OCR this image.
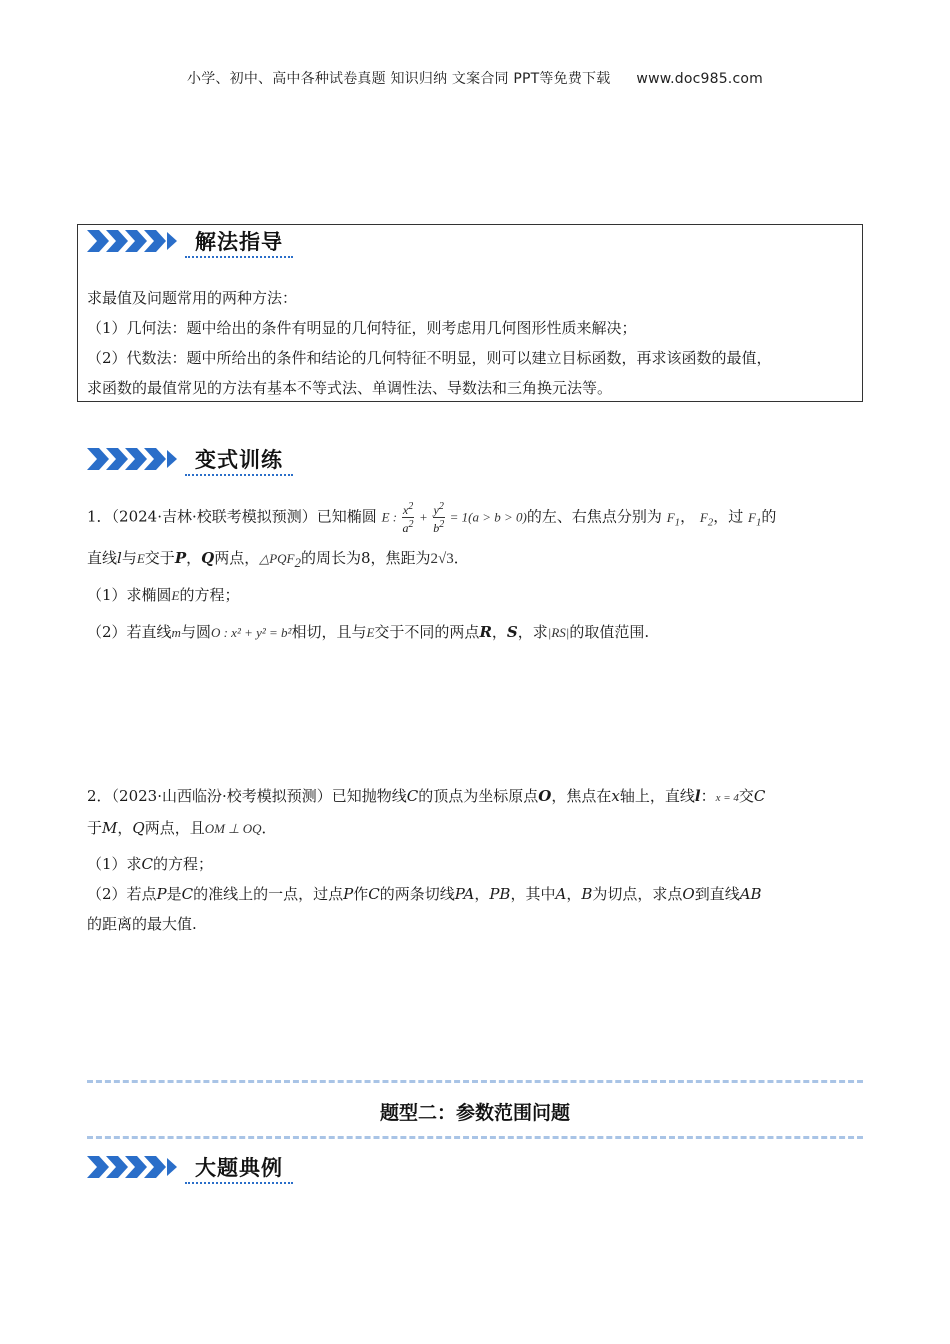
小学、初中、高中各种试卷真题 知识归纳 文案合同 PPT等免费下载 www.doc985.com
解法指导
求最值及问题常用的两种方法：
（1）几何法：题中给出的条件有明显的几何特征，则考虑用几何图形性质来解决；
（2）代数法：题中所给出的条件和结论的几何特征不明显，则可以建立目标函数，再求该函数的最值，
求函数的最值常见的方法有基本不等式法、单调性法、导数法和三角换元法等。
变式训练
1．（2024·吉林·校联考模拟预测）已知椭圆 E : $\frac{x^2}{a^2} + \frac{y^2}{b^2} = 1(a > b > 0)$的左、右焦点分别为 $F_1$， $F_2$，过 $F_1$的
直线l与E交于P，Q两点，$\triangle PQF_2$的周长为8，焦距为2√3．
（1）求椭圆E的方程；
（2）若直线m与圆O : x² + y² = b²相切，且与E交于不同的两点R，S，求|RS|的取值范围.
2．（2023·山西临汾·校考模拟预测）已知抛物线C的顶点为坐标原点O，焦点在x轴上，直线l：x = 4交C
于M，Q两点，且OM ⊥ OQ．
（1）求C的方程；
（2）若点P是C的准线上的一点，过点P作C的两条切线PA，PB，其中A，B为切点，求点O到直线AB
的距离的最大值.
题型二：参数范围问题
大题典例
